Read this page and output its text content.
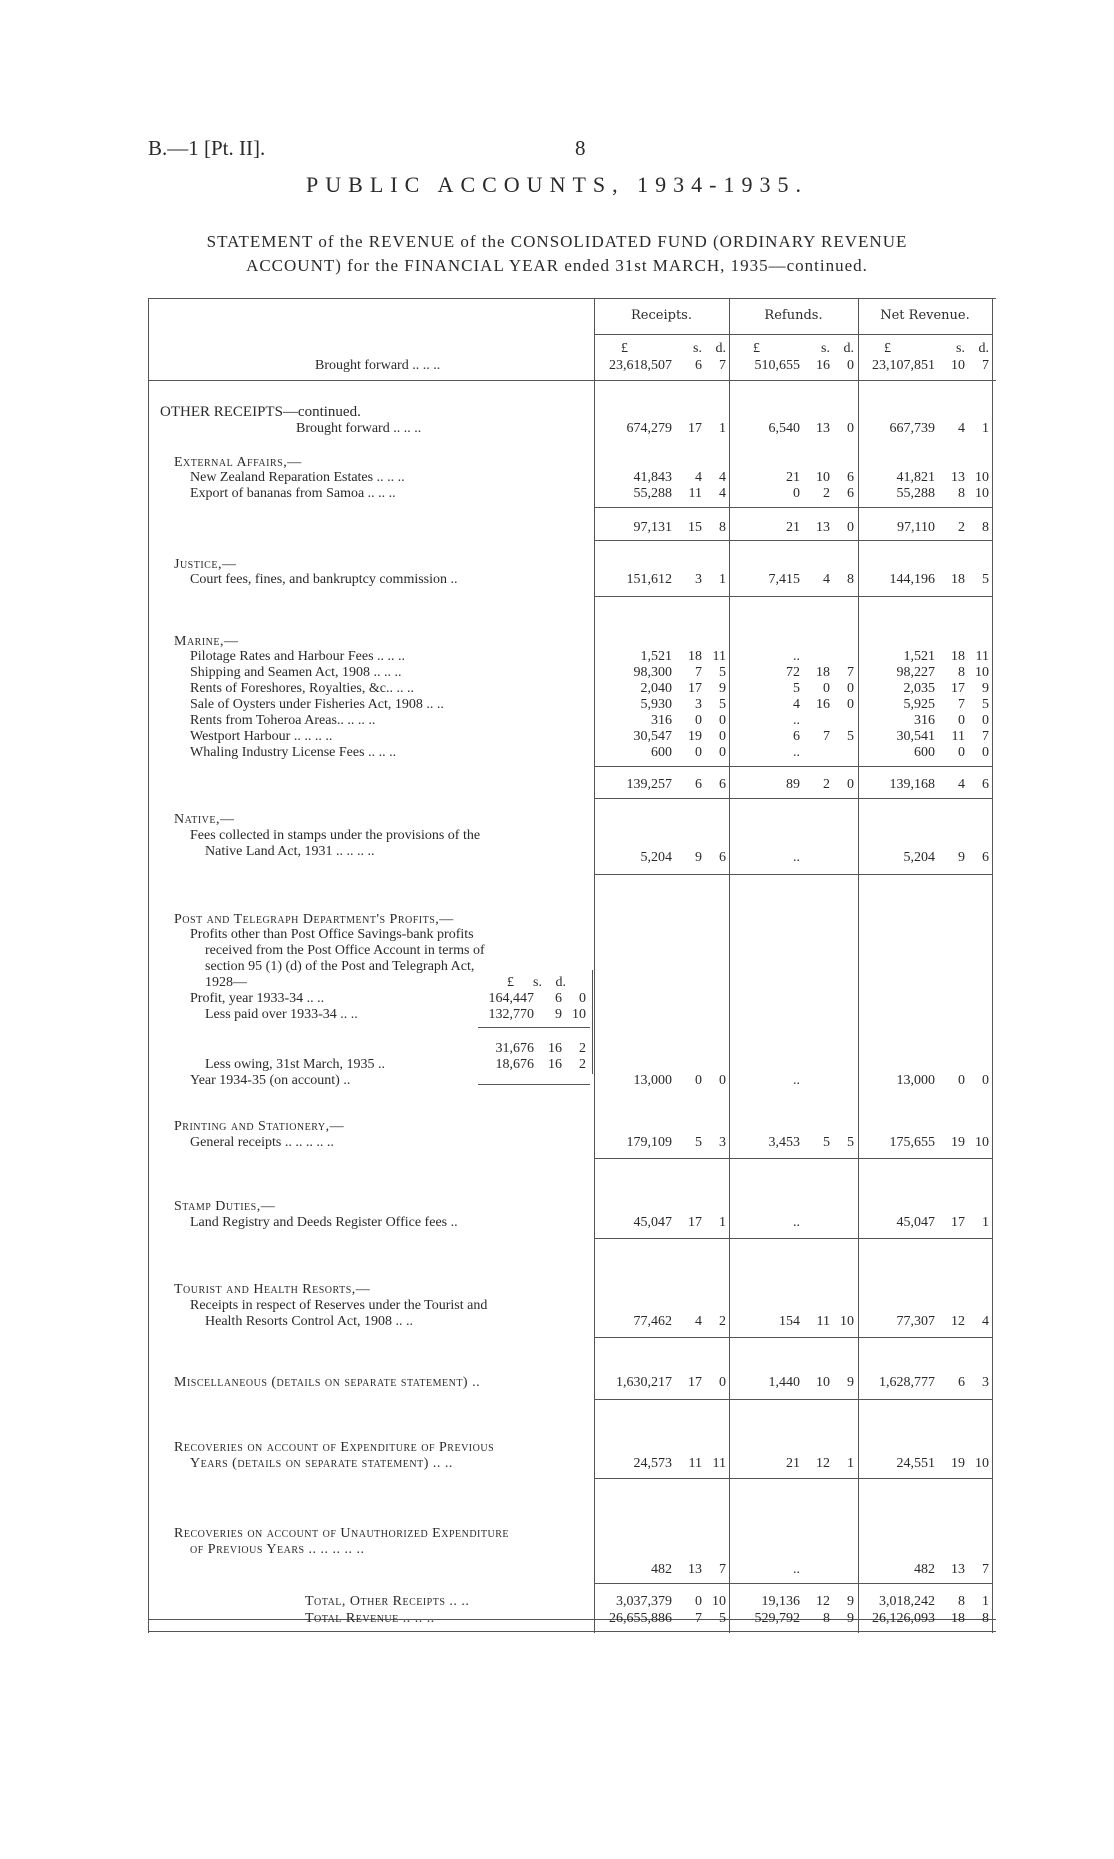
B.—1 [Pt. II].	8
PUBLIC ACCOUNTS, 1934-1935.
STATEMENT of the REVENUE of the CONSOLIDATED FUND (ORDINARY REVENUE
ACCOUNT) for the FINANCIAL YEAR ended 31st MARCH, 1935—continued.
Receipts.	Refunds.	Net Revenue.
£	s. d. £	s. d. £	s. d.
Brought forward .. .. ..	23,618,507	6	7 510,655	16	0 23,107,851	10	7
OTHER RECEIPTS—continued.
Brought forward .. .. ..	674,279	17	1	6,540	13	0	667,739	4	1
External Affairs,—
New Zealand Reparation Estates .. .. ..	41,843	4	4	21	10	6	41,821	13 10
Export of bananas from Samoa .. .. ..	55,288	11	4	0	2	6	55,288	8 10
97,131	15	8	21	13	0	97,110	2	8
Justice,—
Court fees, fines, and bankruptcy commission ..	151,612	3	1	7,415	4	8	144,196	18	5
Marine,—
Pilotage Rates and Harbour Fees .. .. ..	1,521	18 11	..	1,521	18 11
Shipping and Seamen Act, 1908 .. .. ..	98,300	7	5	72	18	7	98,227	8 10
Rents of Foreshores, Royalties, &c.. .. ..	2,040	17	9	5	0	0	2,035	17	9
Sale of Oysters under Fisheries Act, 1908 .. ..	5,930	3	5	4	16	0	5,925	7	5
Rents from Toheroa Areas.. .. .. ..	316	0	0	..	316	0	0
Westport Harbour .. .. .. ..	30,547	19	0	6	7	5	30,541	11	7
Whaling Industry License Fees .. .. ..	600	0	0	..	600	0	0
139,257	6	6	89	2	0	139,168	4	6
Native,—
Fees collected in stamps under the provisions of the
Native Land Act, 1931 .. .. .. ..	5,204	9	6	..	5,204	9	6
Post and Telegraph Department's Profits,—
Profits other than Post Office Savings-bank profits
received from the Post Office Account in terms of
section 95 (1) (d) of the Post and Telegraph Act,
1928—	£	s. d.
Profit, year 1933-34 .. ..	164,447	6	0
Less paid over 1933-34 .. ..	132,770	9 10
31,676	16	2
Less owing, 31st March, 1935 ..	18,676	16	2
Year 1934-35 (on account) ..	13,000	0	0	..	13,000	0	0
Printing and Stationery,—
General receipts .. .. .. .. ..	179,109	5	3	3,453	5	5	175,655	19 10
Stamp Duties,—
Land Registry and Deeds Register Office fees ..	45,047	17	1	..	45,047	17	1
Tourist and Health Resorts,—
Receipts in respect of Reserves under the Tourist and
Health Resorts Control Act, 1908 .. ..	77,462	4	2	154	11 10	77,307	12	4
Miscellaneous (details on separate statement) ..	1,630,217	17	0	1,440	10	9 1,628,777	6	3
Recoveries on account of Expenditure of Previous
Years (details on separate statement) .. ..	24,573	11 11	21	12	1	24,551	19 10
Recoveries on account of Unauthorized Expenditure
of Previous Years .. .. .. .. ..
482	13	7	..	482	13	7
Total, Other Receipts .. ..	3,037,379	0 10	19,136	12	9 3,018,242	8	1
Total Revenue .. .. ..	26,655,886	7	5 529,792	8	9 26,126,093	18	8
